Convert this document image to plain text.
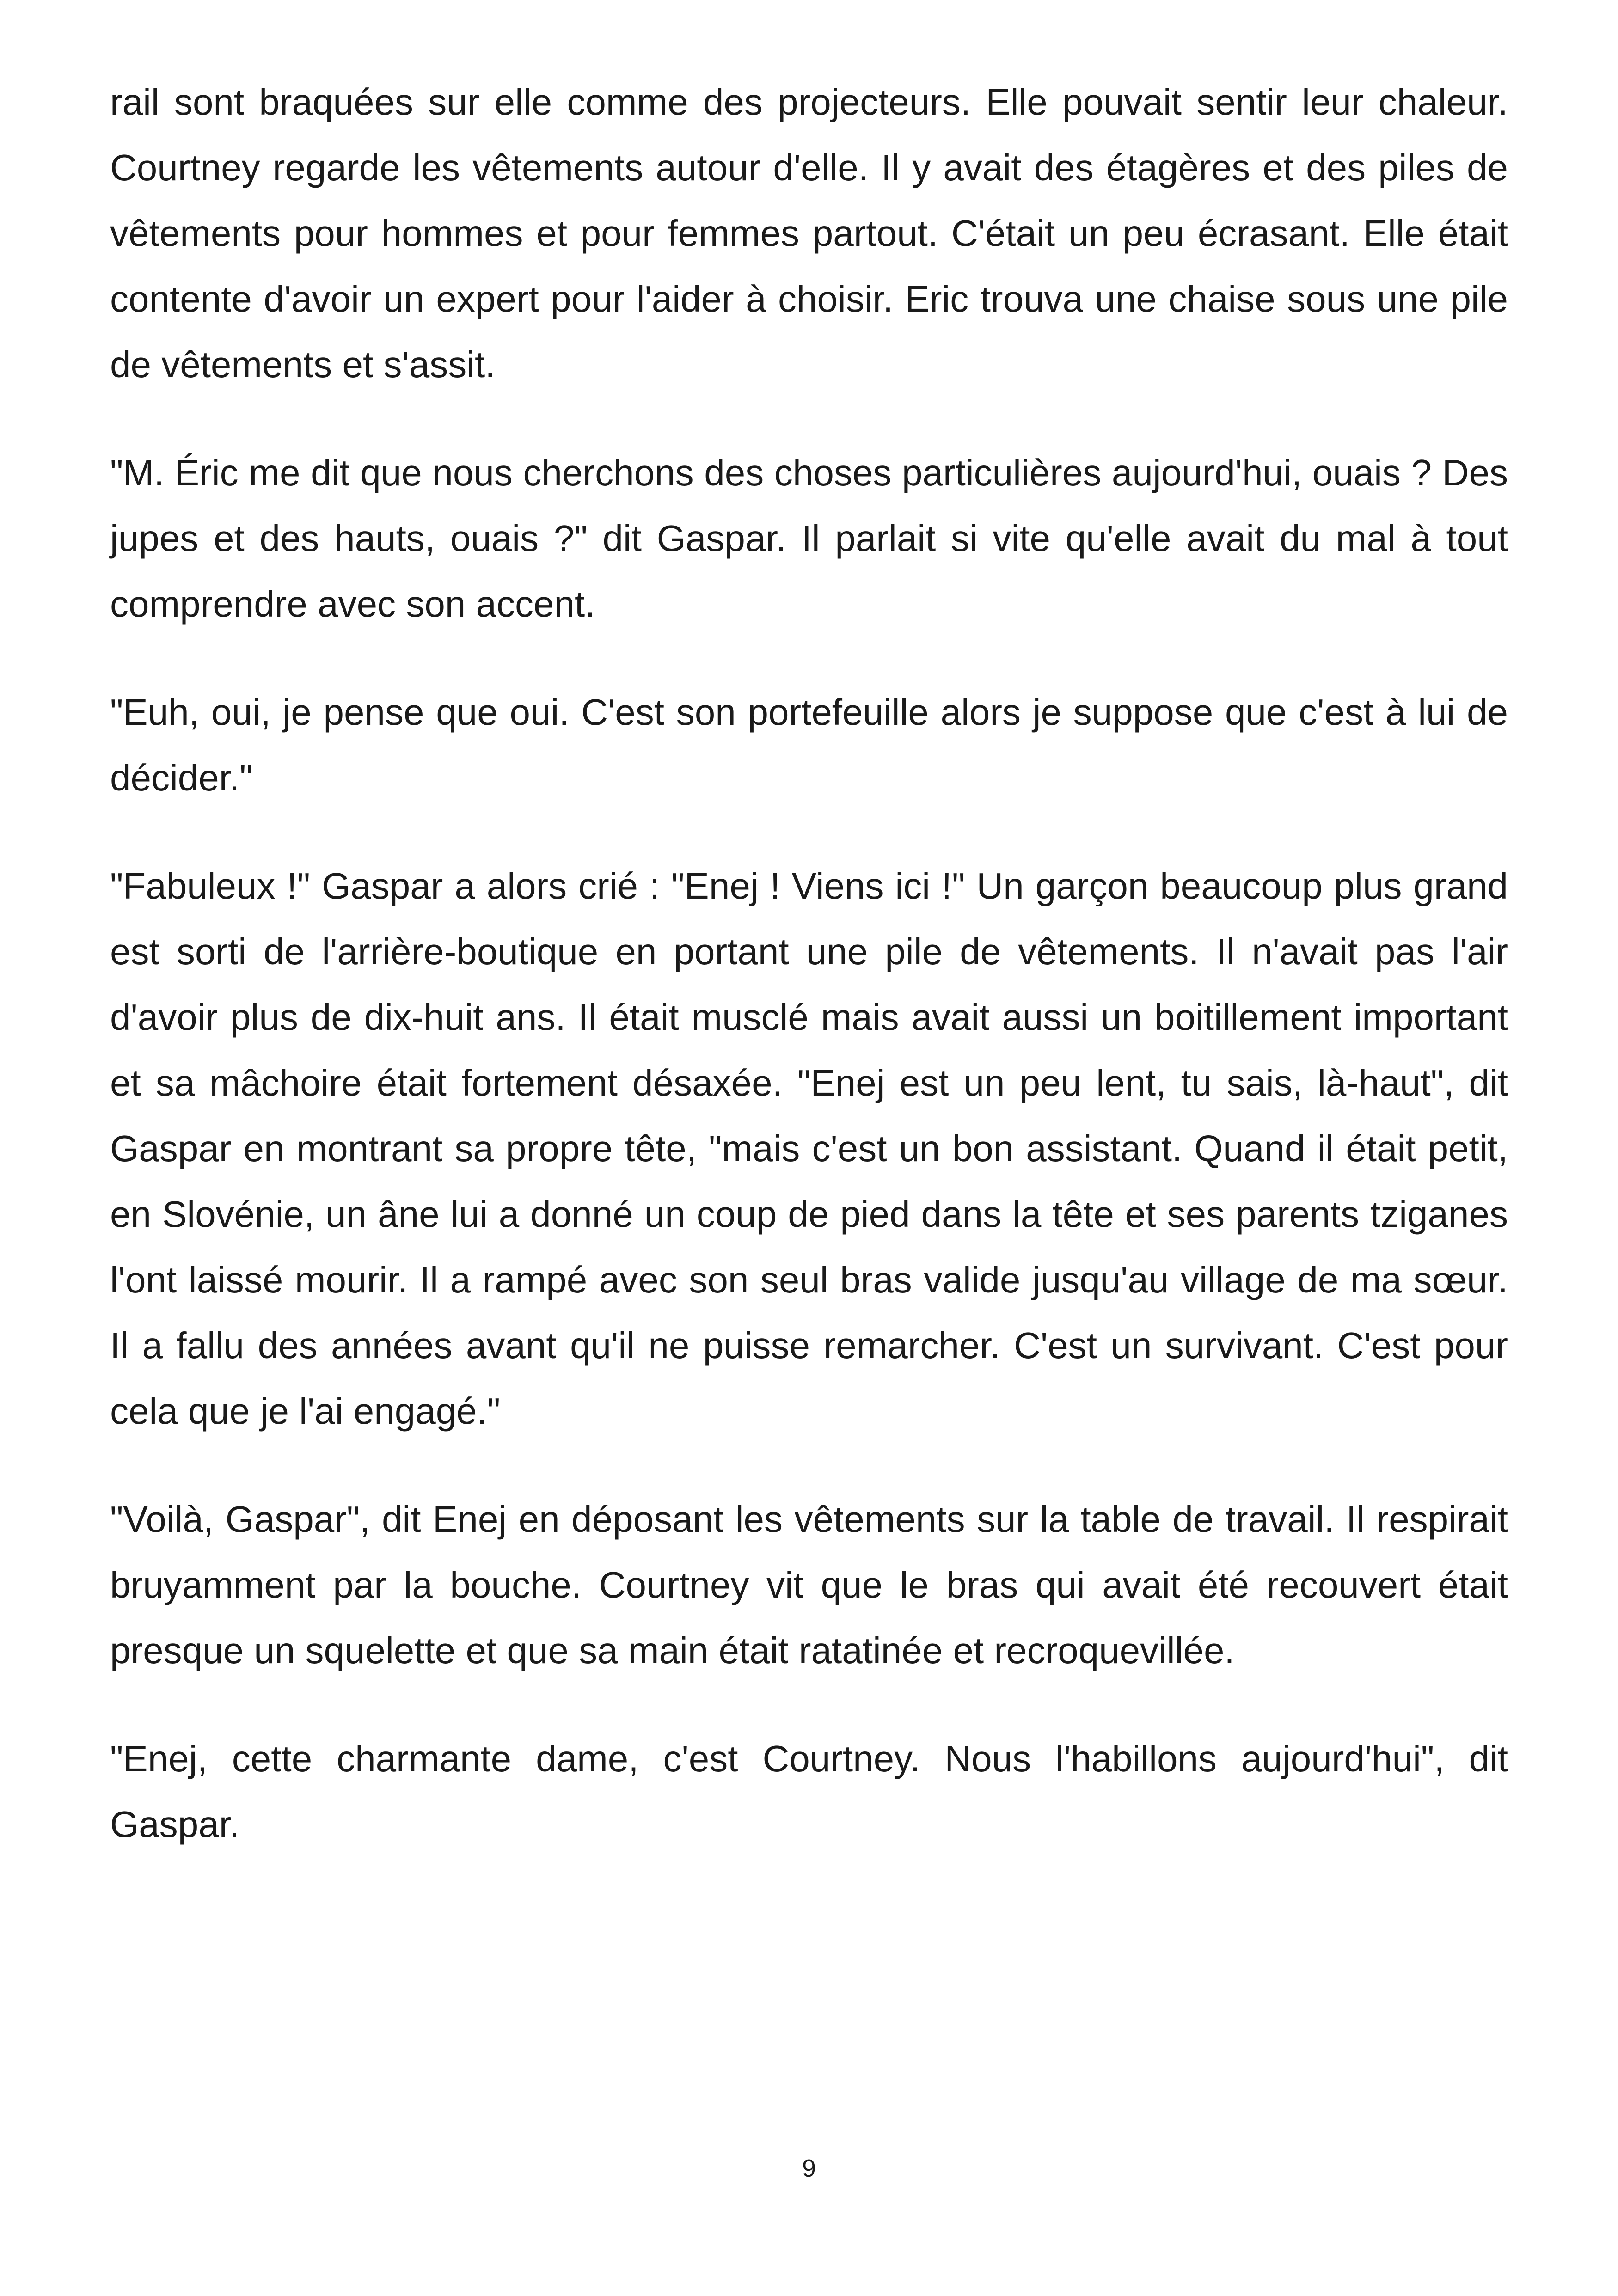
rail sont braquées sur elle comme des projecteurs. Elle pouvait sentir leur chaleur. Courtney regarde les vêtements autour d'elle. Il y avait des étagères et des piles de vêtements pour hommes et pour femmes partout. C'était un peu écrasant. Elle était contente d'avoir un expert pour l'aider à choisir. Eric trouva une chaise sous une pile de vêtements et s'assit.

"M. Éric me dit que nous cherchons des choses particulières aujourd'hui, ouais ? Des jupes et des hauts, ouais ?" dit Gaspar. Il parlait si vite qu'elle avait du mal à tout comprendre avec son accent.

"Euh, oui, je pense que oui. C'est son portefeuille alors je suppose que c'est à lui de décider."

"Fabuleux !" Gaspar a alors crié : "Enej ! Viens ici !" Un garçon beaucoup plus grand est sorti de l'arrière-boutique en portant une pile de vêtements. Il n'avait pas l'air d'avoir plus de dix-huit ans. Il était musclé mais avait aussi un boitillement important et sa mâchoire était fortement désaxée. "Enej est un peu lent, tu sais, là-haut", dit Gaspar en montrant sa propre tête, "mais c'est un bon assistant. Quand il était petit, en Slovénie, un âne lui a donné un coup de pied dans la tête et ses parents tziganes l'ont laissé mourir. Il a rampé avec son seul bras valide jusqu'au village de ma sœur. Il a fallu des années avant qu'il ne puisse remarcher. C'est un survivant. C'est pour cela que je l'ai engagé."

"Voilà, Gaspar", dit Enej en déposant les vêtements sur la table de travail. Il respirait bruyamment par la bouche. Courtney vit que le bras qui avait été recouvert était presque un squelette et que sa main était ratatinée et recroquevillée.

"Enej, cette charmante dame, c'est Courtney. Nous l'habillons aujourd'hui", dit Gaspar.

9
